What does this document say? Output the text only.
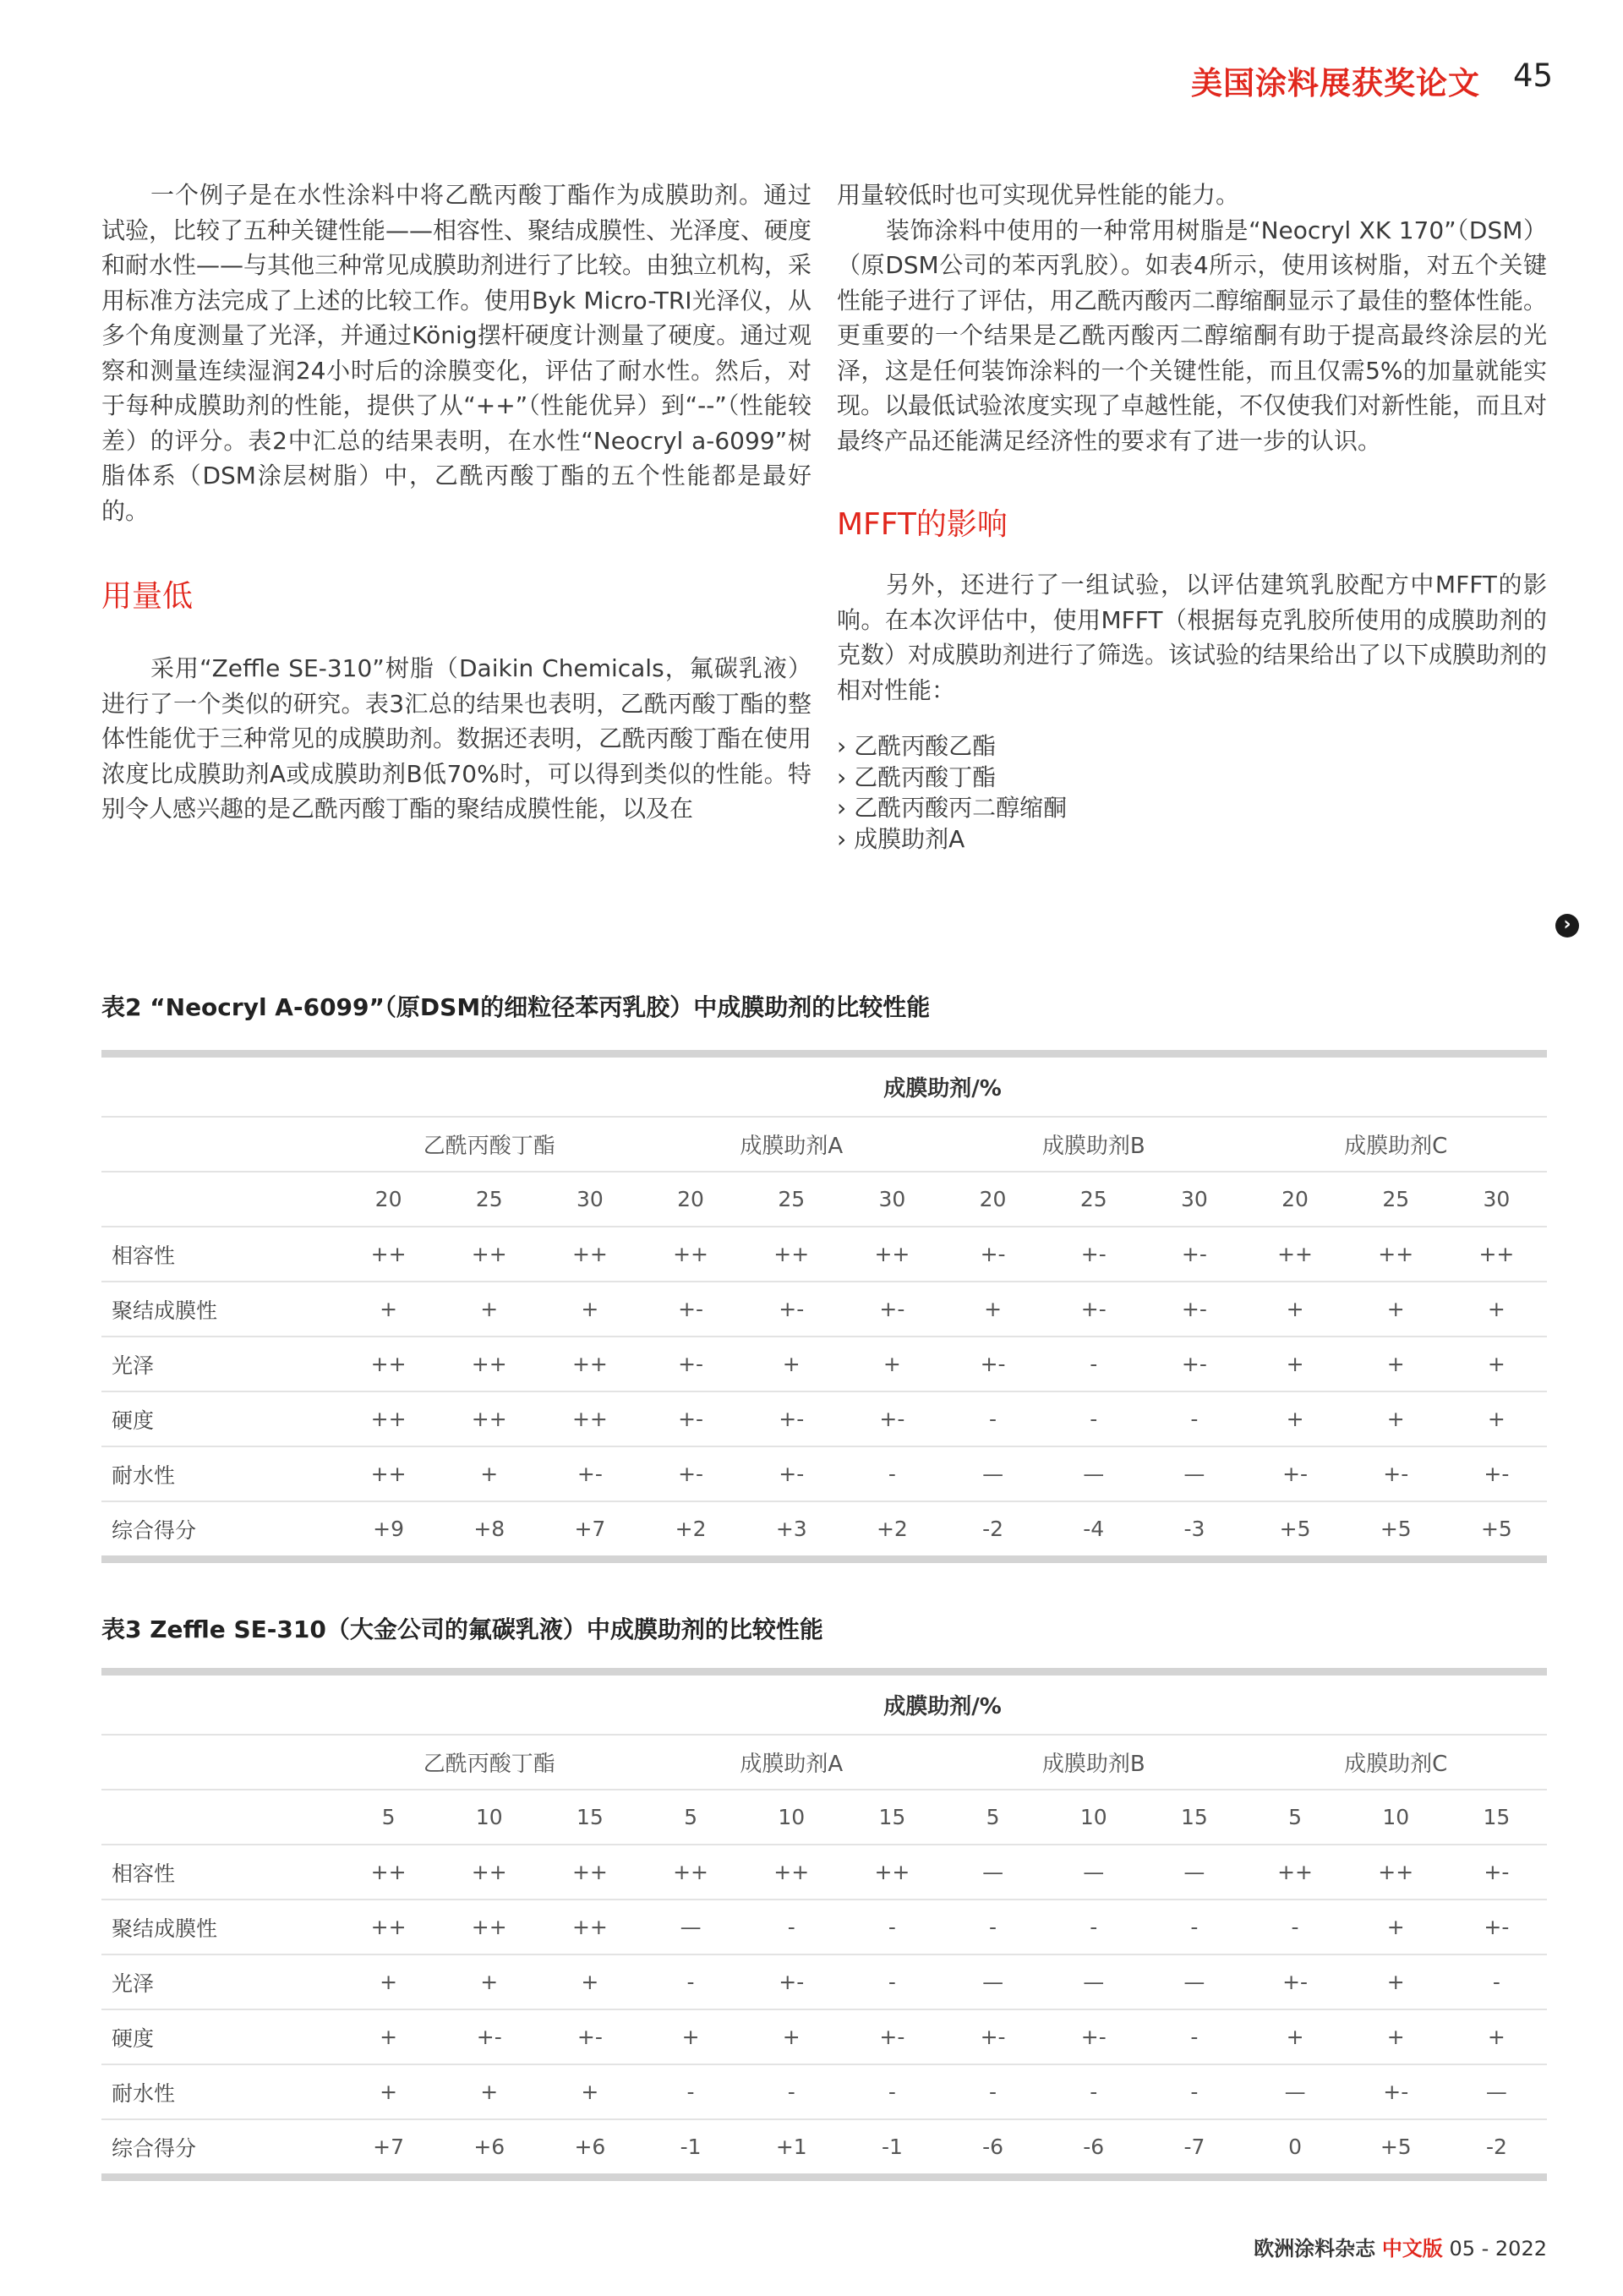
美国涂料展获奖论文 45

一个例子是在水性涂料中将乙酰丙酸丁酯作为成膜助剂。通过试验，比较了五种关键性能——相容性、聚结成膜性、光泽度、硬度和耐水性——与其他三种常见成膜助剂进行了比较。由独立机构，采用标准方法完成了上述的比较工作。使用Byk Micro-TRI光泽仪，从多个角度测量了光泽，并通过König摆杆硬度计测量了硬度。通过观察和测量连续湿润24小时后的涂膜变化，评估了耐水性。然后，对于每种成膜助剂的性能，提供了从“++”（性能优异）到“--”（性能较差）的评分。表2中汇总的结果表明，在水性“Neocryl a-6099”树脂体系（DSM涂层树脂）中，乙酰丙酸丁酯的五个性能都是最好的。

用量低

采用“Zeffle SE-310”树脂（Daikin Chemicals，氟碳乳液）进行了一个类似的研究。表3汇总的结果也表明，乙酰丙酸丁酯的整体性能优于三种常见的成膜助剂。数据还表明，乙酰丙酸丁酯在使用浓度比成膜助剂A或成膜助剂B低70%时，可以得到类似的性能。特别令人感兴趣的是乙酰丙酸丁酯的聚结成膜性能，以及在

用量较低时也可实现优异性能的能力。

装饰涂料中使用的一种常用树脂是“Neocryl XK 170”（DSM）（原DSM公司的苯丙乳胶）。如表4所示，使用该树脂，对五个关键性能子进行了评估，用乙酰丙酸丙二醇缩酮显示了最佳的整体性能。更重要的一个结果是乙酰丙酸丙二醇缩酮有助于提高最终涂层的光泽，这是任何装饰涂料的一个关键性能，而且仅需5%的加量就能实现。以最低试验浓度实现了卓越性能，不仅使我们对新性能，而且对最终产品还能满足经济性的要求有了进一步的认识。

MFFT的影响

另外，还进行了一组试验，以评估建筑乳胶配方中MFFT的影响。在本次评估中，使用MFFT（根据每克乳胶所使用的成膜助剂的克数）对成膜助剂进行了筛选。该试验的结果给出了以下成膜助剂的相对性能：

› 乙酰丙酸乙酯
› 乙酰丙酸丁酯
› 乙酰丙酸丙二醇缩酮
› 成膜助剂A
›
表2 “Neocryl A-6099”（原DSM的细粒径苯丙乳胶）中成膜助剂的比较性能
成膜助剂/%
乙酰丙酸丁酯	成膜助剂A	成膜助剂B	成膜助剂C
20	25	30	20	25	30	20	25	30	20	25	30
相容性	++	++	++	++	++	++	+-	+-	+-	++	++	++
聚结成膜性	+	+	+	+-	+-	+-	+	+-	+-	+	+	+
光泽	++	++	++	+-	+	+	+-	-	+-	+	+	+
硬度	++	++	++	+-	+-	+-	-	-	-	+	+	+
耐水性	++	+	+-	+-	+-	-	—	—	—	+-	+-	+-
综合得分	+9	+8	+7	+2	+3	+2	-2	-4	-3	+5	+5	+5
表3 Zeffle SE-310（大金公司的氟碳乳液）中成膜助剂的比较性能
成膜助剂/%
乙酰丙酸丁酯	成膜助剂A	成膜助剂B	成膜助剂C
5	10	15	5	10	15	5	10	15	5	10	15
相容性	++	++	++	++	++	++	—	—	—	++	++	+-
聚结成膜性	++	++	++	—	-	-	-	-	-	-	+	+-
光泽	+	+	+	-	+-	-	—	—	—	+-	+	-
硬度	+	+-	+-	+	+	+-	+-	+-	-	+	+	+
耐水性	+	+	+	-	-	-	-	-	-	—	+-	—
综合得分	+7	+6	+6	-1	+1	-1	-6	-6	-7	0	+5	-2
欧洲涂料杂志 中文版 05 - 2022
